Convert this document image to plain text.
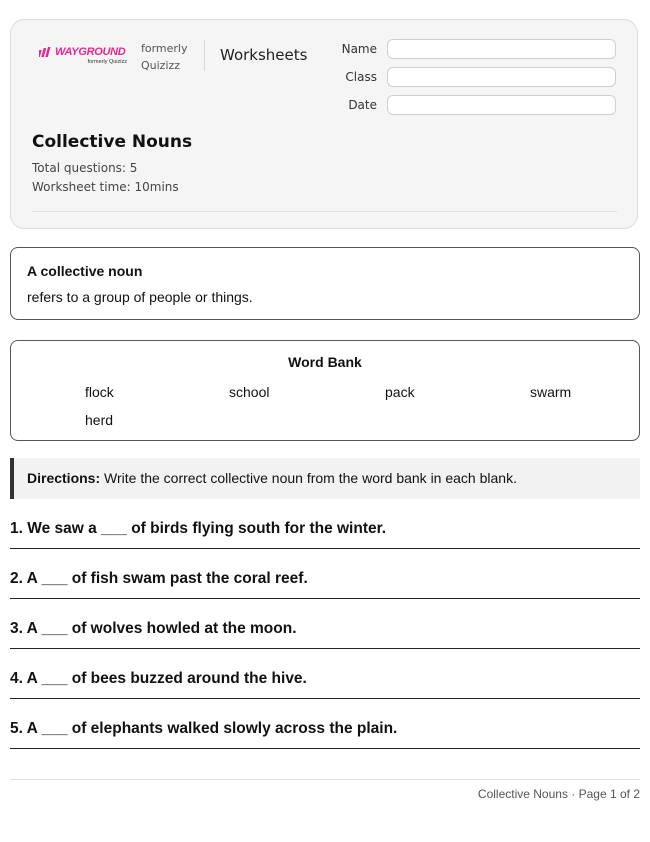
WAYGROUND
formerly Quizizz
formerly
Quizizz
Worksheets	Name
Class
Date
Collective Nouns
Total questions: 5
Worksheet time: 10mins
A collective noun
refers to a group of people or things.
Word Bank
flock	school	pack	swarm
herd
Directions: Write the correct collective noun from the word bank in each blank.
1. We saw a ___ of birds flying south for the winter.
2. A ___ of fish swam past the coral reef.
3. A ___ of wolves howled at the moon.
4. A ___ of bees buzzed around the hive.
5. A ___ of elephants walked slowly across the plain.
Collective Nouns · Page 1 of 2
